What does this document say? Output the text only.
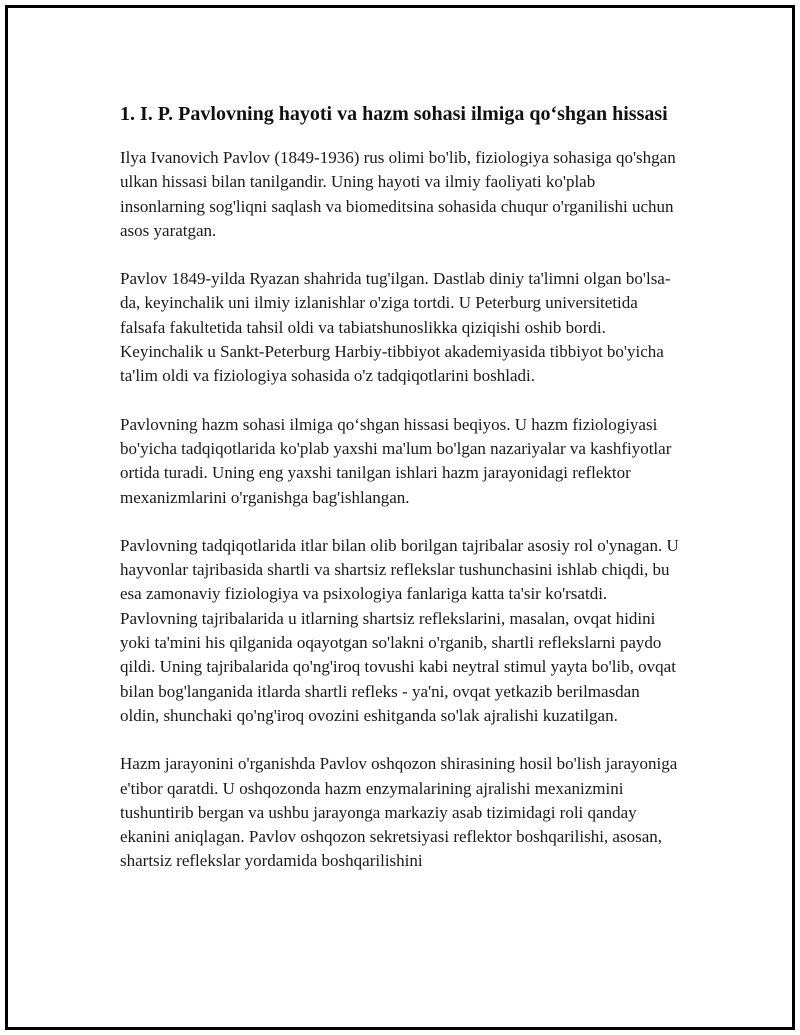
1. I. P. Pavlovning hayoti va hazm sohasi ilmiga qo‘shgan hissasi

Ilya Ivanovich Pavlov (1849-1936) rus olimi bo'lib, fiziologiya sohasiga qo'shgan ulkan hissasi bilan tanilgandir. Uning hayoti va ilmiy faoliyati ko'plab insonlarning sog'liqni saqlash va biomeditsina sohasida chuqur o'rganilishi uchun asos yaratgan.

Pavlov 1849-yilda Ryazan shahrida tug'ilgan. Dastlab diniy ta'limni olgan bo'lsa-da, keyinchalik uni ilmiy izlanishlar o'ziga tortdi. U Peterburg universitetida falsafa fakultetida tahsil oldi va tabiatshunoslikka qiziqishi oshib bordi. Keyinchalik u Sankt-Peterburg Harbiy-tibbiyot akademiyasida tibbiyot bo'yicha ta'lim oldi va fiziologiya sohasida o'z tadqiqotlarini boshladi.

Pavlovning hazm sohasi ilmiga qo‘shgan hissasi beqiyos. U hazm fiziologiyasi bo'yicha tadqiqotlarida ko'plab yaxshi ma'lum bo'lgan nazariyalar va kashfiyotlar ortida turadi. Uning eng yaxshi tanilgan ishlari hazm jarayonidagi reflektor mexanizmlarini o'rganishga bag'ishlangan.

Pavlovning tadqiqotlarida itlar bilan olib borilgan tajribalar asosiy rol o'ynagan. U hayvonlar tajribasida shartli va shartsiz reflekslar tushunchasini ishlab chiqdi, bu esa zamonaviy fiziologiya va psixologiya fanlariga katta ta'sir ko'rsatdi. Pavlovning tajribalarida u itlarning shartsiz reflekslarini, masalan, ovqat hidini yoki ta'mini his qilganida oqayotgan so'lakni o'rganib, shartli reflekslarni paydo qildi. Uning tajribalarida qo'ng'iroq tovushi kabi neytral stimul yayta bo'lib, ovqat bilan bog'langanida itlarda shartli refleks - ya'ni, ovqat yetkazib berilmasdan oldin, shunchaki qo'ng'iroq ovozini eshitganda so'lak ajralishi kuzatilgan.

Hazm jarayonini o'rganishda Pavlov oshqozon shirasining hosil bo'lish jarayoniga e'tibor qaratdi. U oshqozonda hazm enzymalarining ajralishi mexanizmini tushuntirib bergan va ushbu jarayonga markaziy asab tizimidagi roli qanday ekanini aniqlagan. Pavlov oshqozon sekretsiyasi reflektor boshqarilishi, asosan, shartsiz reflekslar yordamida boshqarilishini
